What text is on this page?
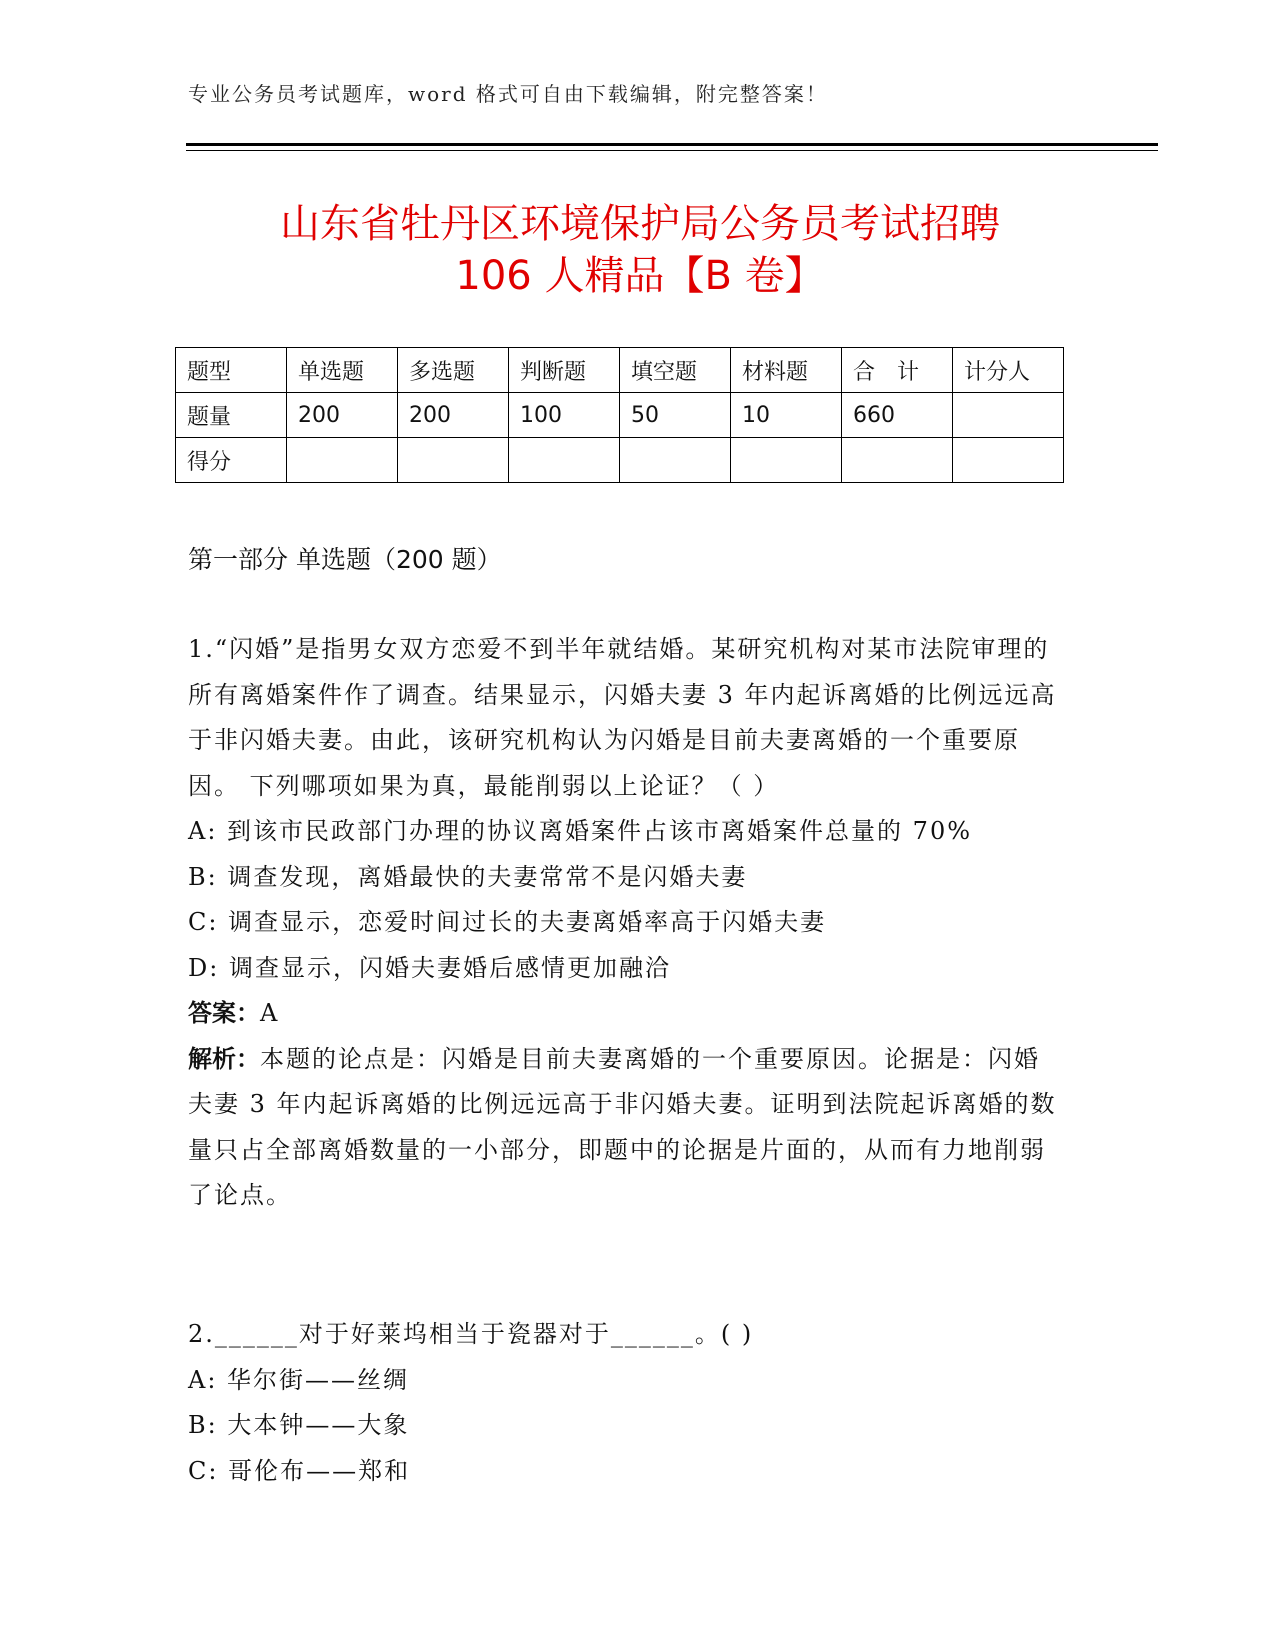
专业公务员考试题库，word 格式可自由下载编辑，附完整答案！
山东省牡丹区环境保护局公务员考试招聘
106 人精品【B 卷】
题型	单选题	多选题	判断题	填空题	材料题	合　计	计分人
题量	200	200	100	50	10	660	
得分							
第一部分 单选题（200 题）

1.“闪婚”是指男女双方恋爱不到半年就结婚。某研究机构对某市法院审理的所有离婚案件作了调查。结果显示，闪婚夫妻 3 年内起诉离婚的比例远远高于非闪婚夫妻。由此，该研究机构认为闪婚是目前夫妻离婚的一个重要原因。 下列哪项如果为真，最能削弱以上论证？（ ）

A: 到该市民政部门办理的协议离婚案件占该市离婚案件总量的 70%

B: 调查发现，离婚最快的夫妻常常不是闪婚夫妻

C: 调查显示，恋爱时间过长的夫妻离婚率高于闪婚夫妻

D: 调查显示，闪婚夫妻婚后感情更加融洽

答案：A

解析：本题的论点是：闪婚是目前夫妻离婚的一个重要原因。论据是：闪婚夫妻 3 年内起诉离婚的比例远远高于非闪婚夫妻。证明到法院起诉离婚的数量只占全部离婚数量的一小部分，即题中的论据是片面的，从而有力地削弱了论点。

2.______对于好莱坞相当于瓷器对于______。( )

A: 华尔街——丝绸

B: 大本钟——大象

C: 哥伦布——郑和
